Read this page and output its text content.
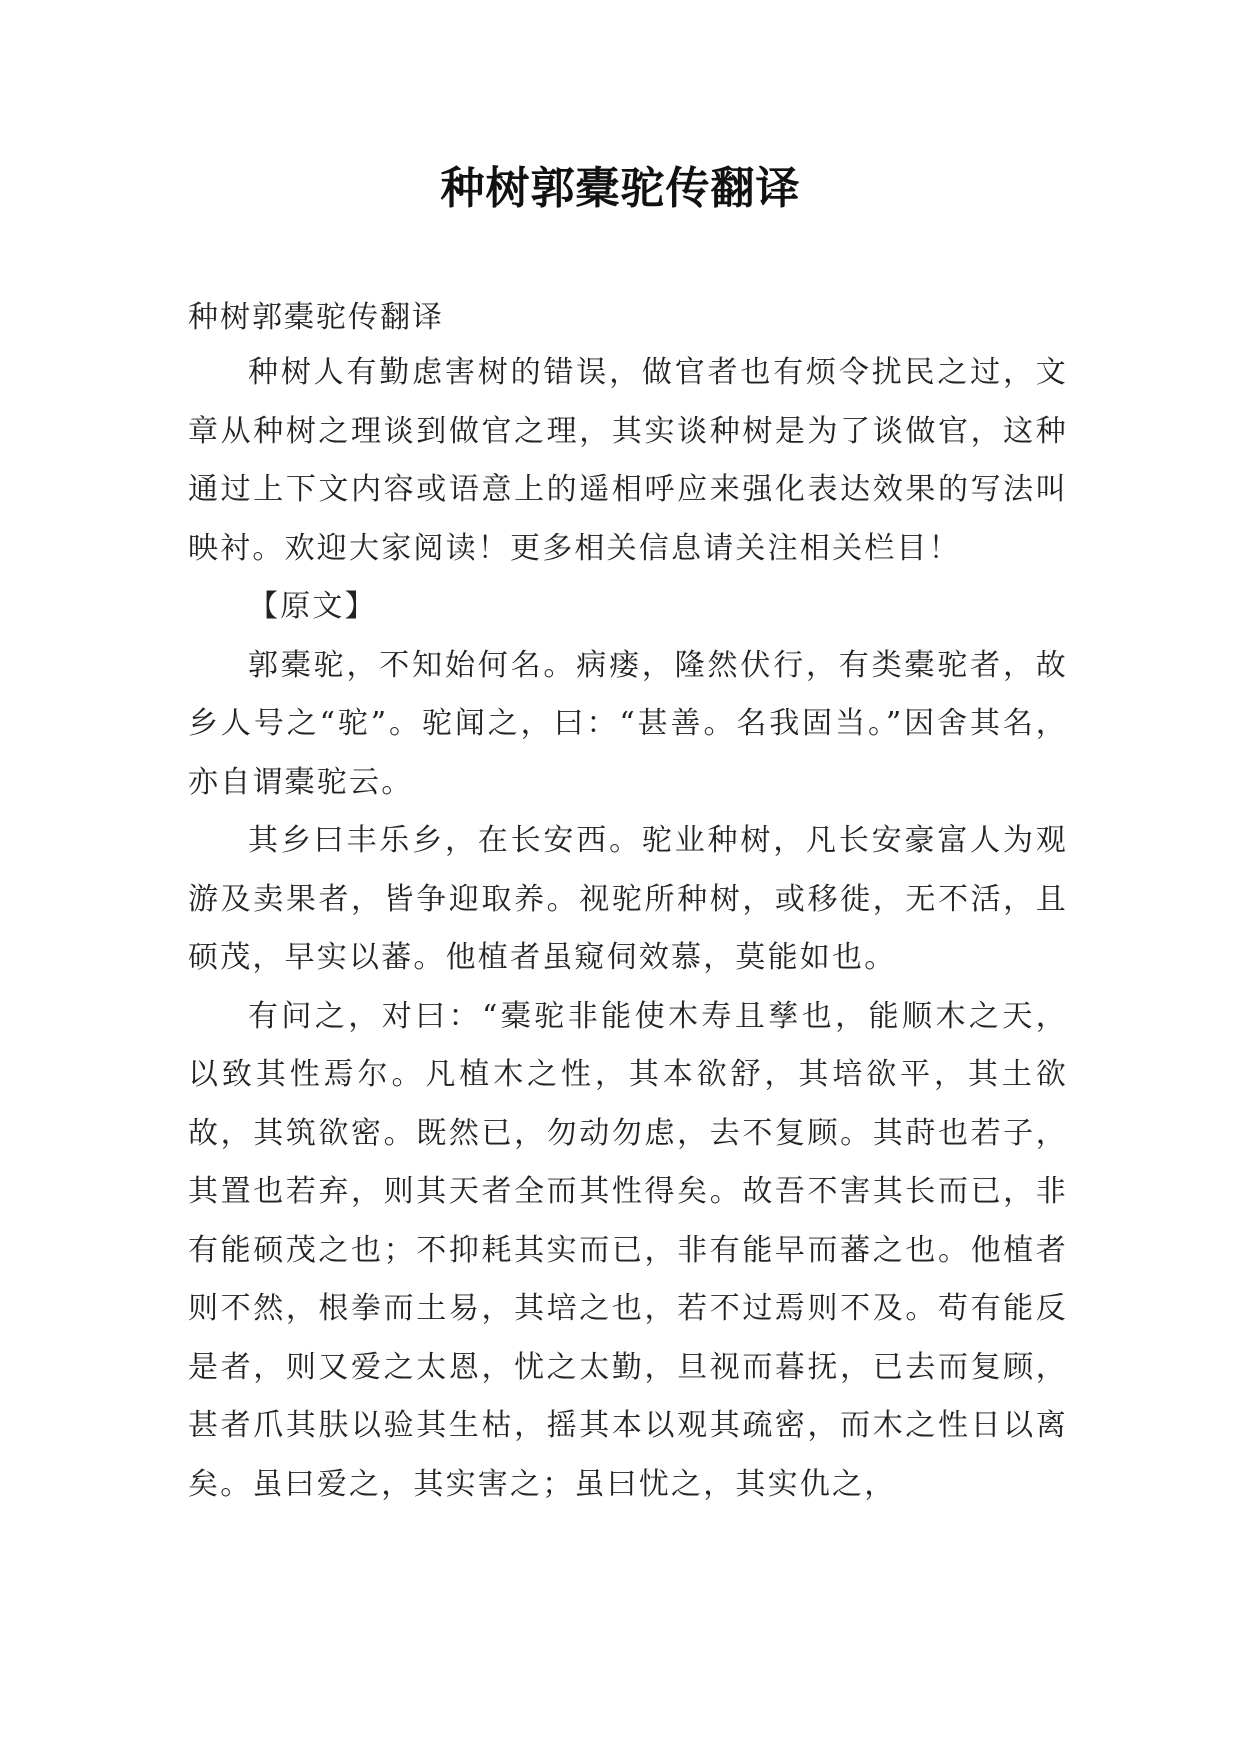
种树郭橐驼传翻译

种树郭橐驼传翻译

种树人有勤虑害树的错误，做官者也有烦令扰民之过，文章从种树之理谈到做官之理，其实谈种树是为了谈做官，这种通过上下文内容或语意上的遥相呼应来强化表达效果的写法叫映衬。欢迎大家阅读！更多相关信息请关注相关栏目！

【原文】

郭橐驼，不知始何名。病瘘，隆然伏行，有类橐驼者，故乡人号之“驼”。驼闻之，曰：“甚善。名我固当。”因舍其名，亦自谓橐驼云。

其乡曰丰乐乡，在长安西。驼业种树，凡长安豪富人为观游及卖果者，皆争迎取养。视驼所种树，或移徙，无不活，且硕茂，早实以蕃。他植者虽窥伺效慕，莫能如也。

有问之，对曰：“橐驼非能使木寿且孳也，能顺木之天，以致其性焉尔。凡植木之性，其本欲舒，其培欲平，其土欲故，其筑欲密。既然已，勿动勿虑，去不复顾。其莳也若子，其置也若弃，则其天者全而其性得矣。故吾不害其长而已，非有能硕茂之也；不抑耗其实而已，非有能早而蕃之也。他植者则不然，根拳而土易，其培之也，若不过焉则不及。苟有能反是者，则又爱之太恩，忧之太勤，旦视而暮抚，已去而复顾，甚者爪其肤以验其生枯，摇其本以观其疏密，而木之性日以离矣。虽曰爱之，其实害之；虽曰忧之，其实仇之，
